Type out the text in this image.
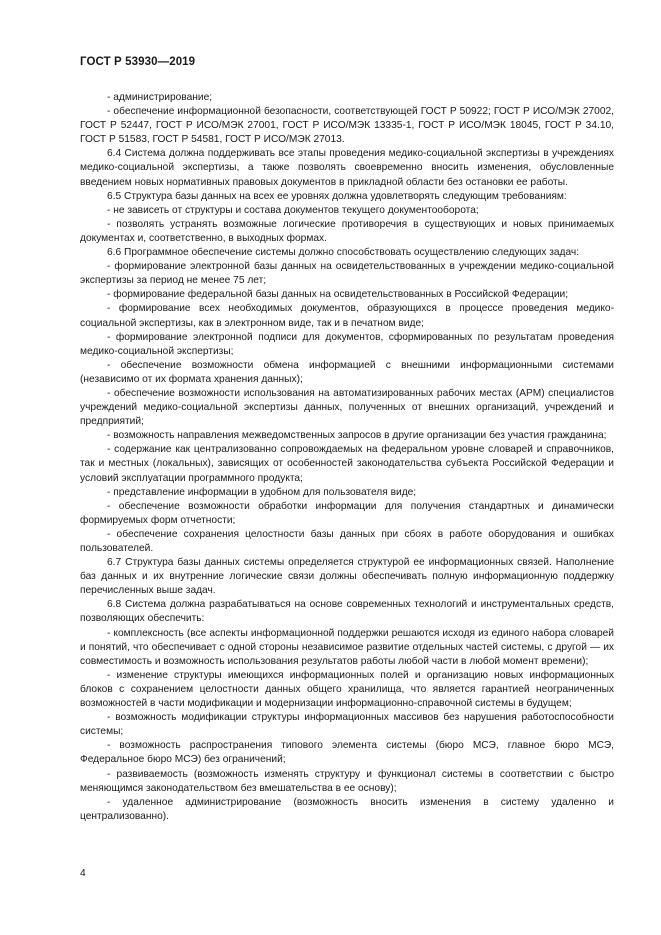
ГОСТ Р 53930—2019

- администрирование;

- обеспечение информационной безопасности, соответствующей ГОСТ Р 50922; ГОСТ Р ИСО/МЭК 27002, ГОСТ Р 52447, ГОСТ Р ИСО/МЭК 27001, ГОСТ Р ИСО/МЭК 13335-1, ГОСТ Р ИСО/МЭК 18045, ГОСТ Р 34.10, ГОСТ Р 51583, ГОСТ Р 54581, ГОСТ Р ИСО/МЭК 27013.

6.4 Система должна поддерживать все этапы проведения медико-социальной экспертизы в учреждениях медико-социальной экспертизы, а также позволять своевременно вносить изменения, обусловленные введением новых нормативных правовых документов в прикладной области без остановки ее работы.

6.5 Структура базы данных на всех ее уровнях должна удовлетворять следующим требованиям:

- не зависеть от структуры и состава документов текущего документооборота;

- позволять устранять возможные логические противоречия в существующих и новых принимаемых документах и, соответственно, в выходных формах.

6.6 Программное обеспечение системы должно способствовать осуществлению следующих задач:

- формирование электронной базы данных на освидетельствованных в учреждении медико-социальной экспертизы за период не менее 75 лет;

- формирование федеральной базы данных на освидетельствованных в Российской Федерации;

- формирование всех необходимых документов, образующихся в процессе проведения медико-социальной экспертизы, как в электронном виде, так и в печатном виде;

- формирование электронной подписи для документов, сформированных по результатам проведения медико-социальной экспертизы;

- обеспечение возможности обмена информацией с внешними информационными системами (независимо от их формата хранения данных);

- обеспечение возможности использования на автоматизированных рабочих местах (АРМ) специалистов учреждений медико-социальной экспертизы данных, полученных от внешних организаций, учреждений и предприятий;

- возможность направления межведомственных запросов в другие организации без участия гражданина;

- содержание как централизованно сопровождаемых на федеральном уровне словарей и справочников, так и местных (локальных), зависящих от особенностей законодательства субъекта Российской Федерации и условий эксплуатации программного продукта;

- представление информации в удобном для пользователя виде;

- обеспечение возможности обработки информации для получения стандартных и динамически формируемых форм отчетности;

- обеспечение сохранения целостности базы данных при сбоях в работе оборудования и ошибках пользователей.

6.7 Структура базы данных системы определяется структурой ее информационных связей. Наполнение баз данных и их внутренние логические связи должны обеспечивать полную информационную поддержку перечисленных выше задач.

6.8 Система должна разрабатываться на основе современных технологий и инструментальных средств, позволяющих обеспечить:

- комплексность (все аспекты информационной поддержки решаются исходя из единого набора словарей и понятий, что обеспечивает с одной стороны независимое развитие отдельных частей системы, с другой — их совместимость и возможность использования результатов работы любой части в любой момент времени);

- изменение структуры имеющихся информационных полей и организацию новых информационных блоков с сохранением целостности данных общего хранилища, что является гарантией неограниченных возможностей в части модификации и модернизации информационно-справочной системы в будущем;

- возможность модификации структуры информационных массивов без нарушения работоспособности системы;

- возможность распространения типового элемента системы (бюро МСЭ, главное бюро МСЭ, Федеральное бюро МСЭ) без ограничений;

- развиваемость (возможность изменять структуру и функционал системы в соответствии с быстро меняющимся законодательством без вмешательства в ее основу);

- удаленное администрирование (возможность вносить изменения в систему удаленно и централизованно).

4
